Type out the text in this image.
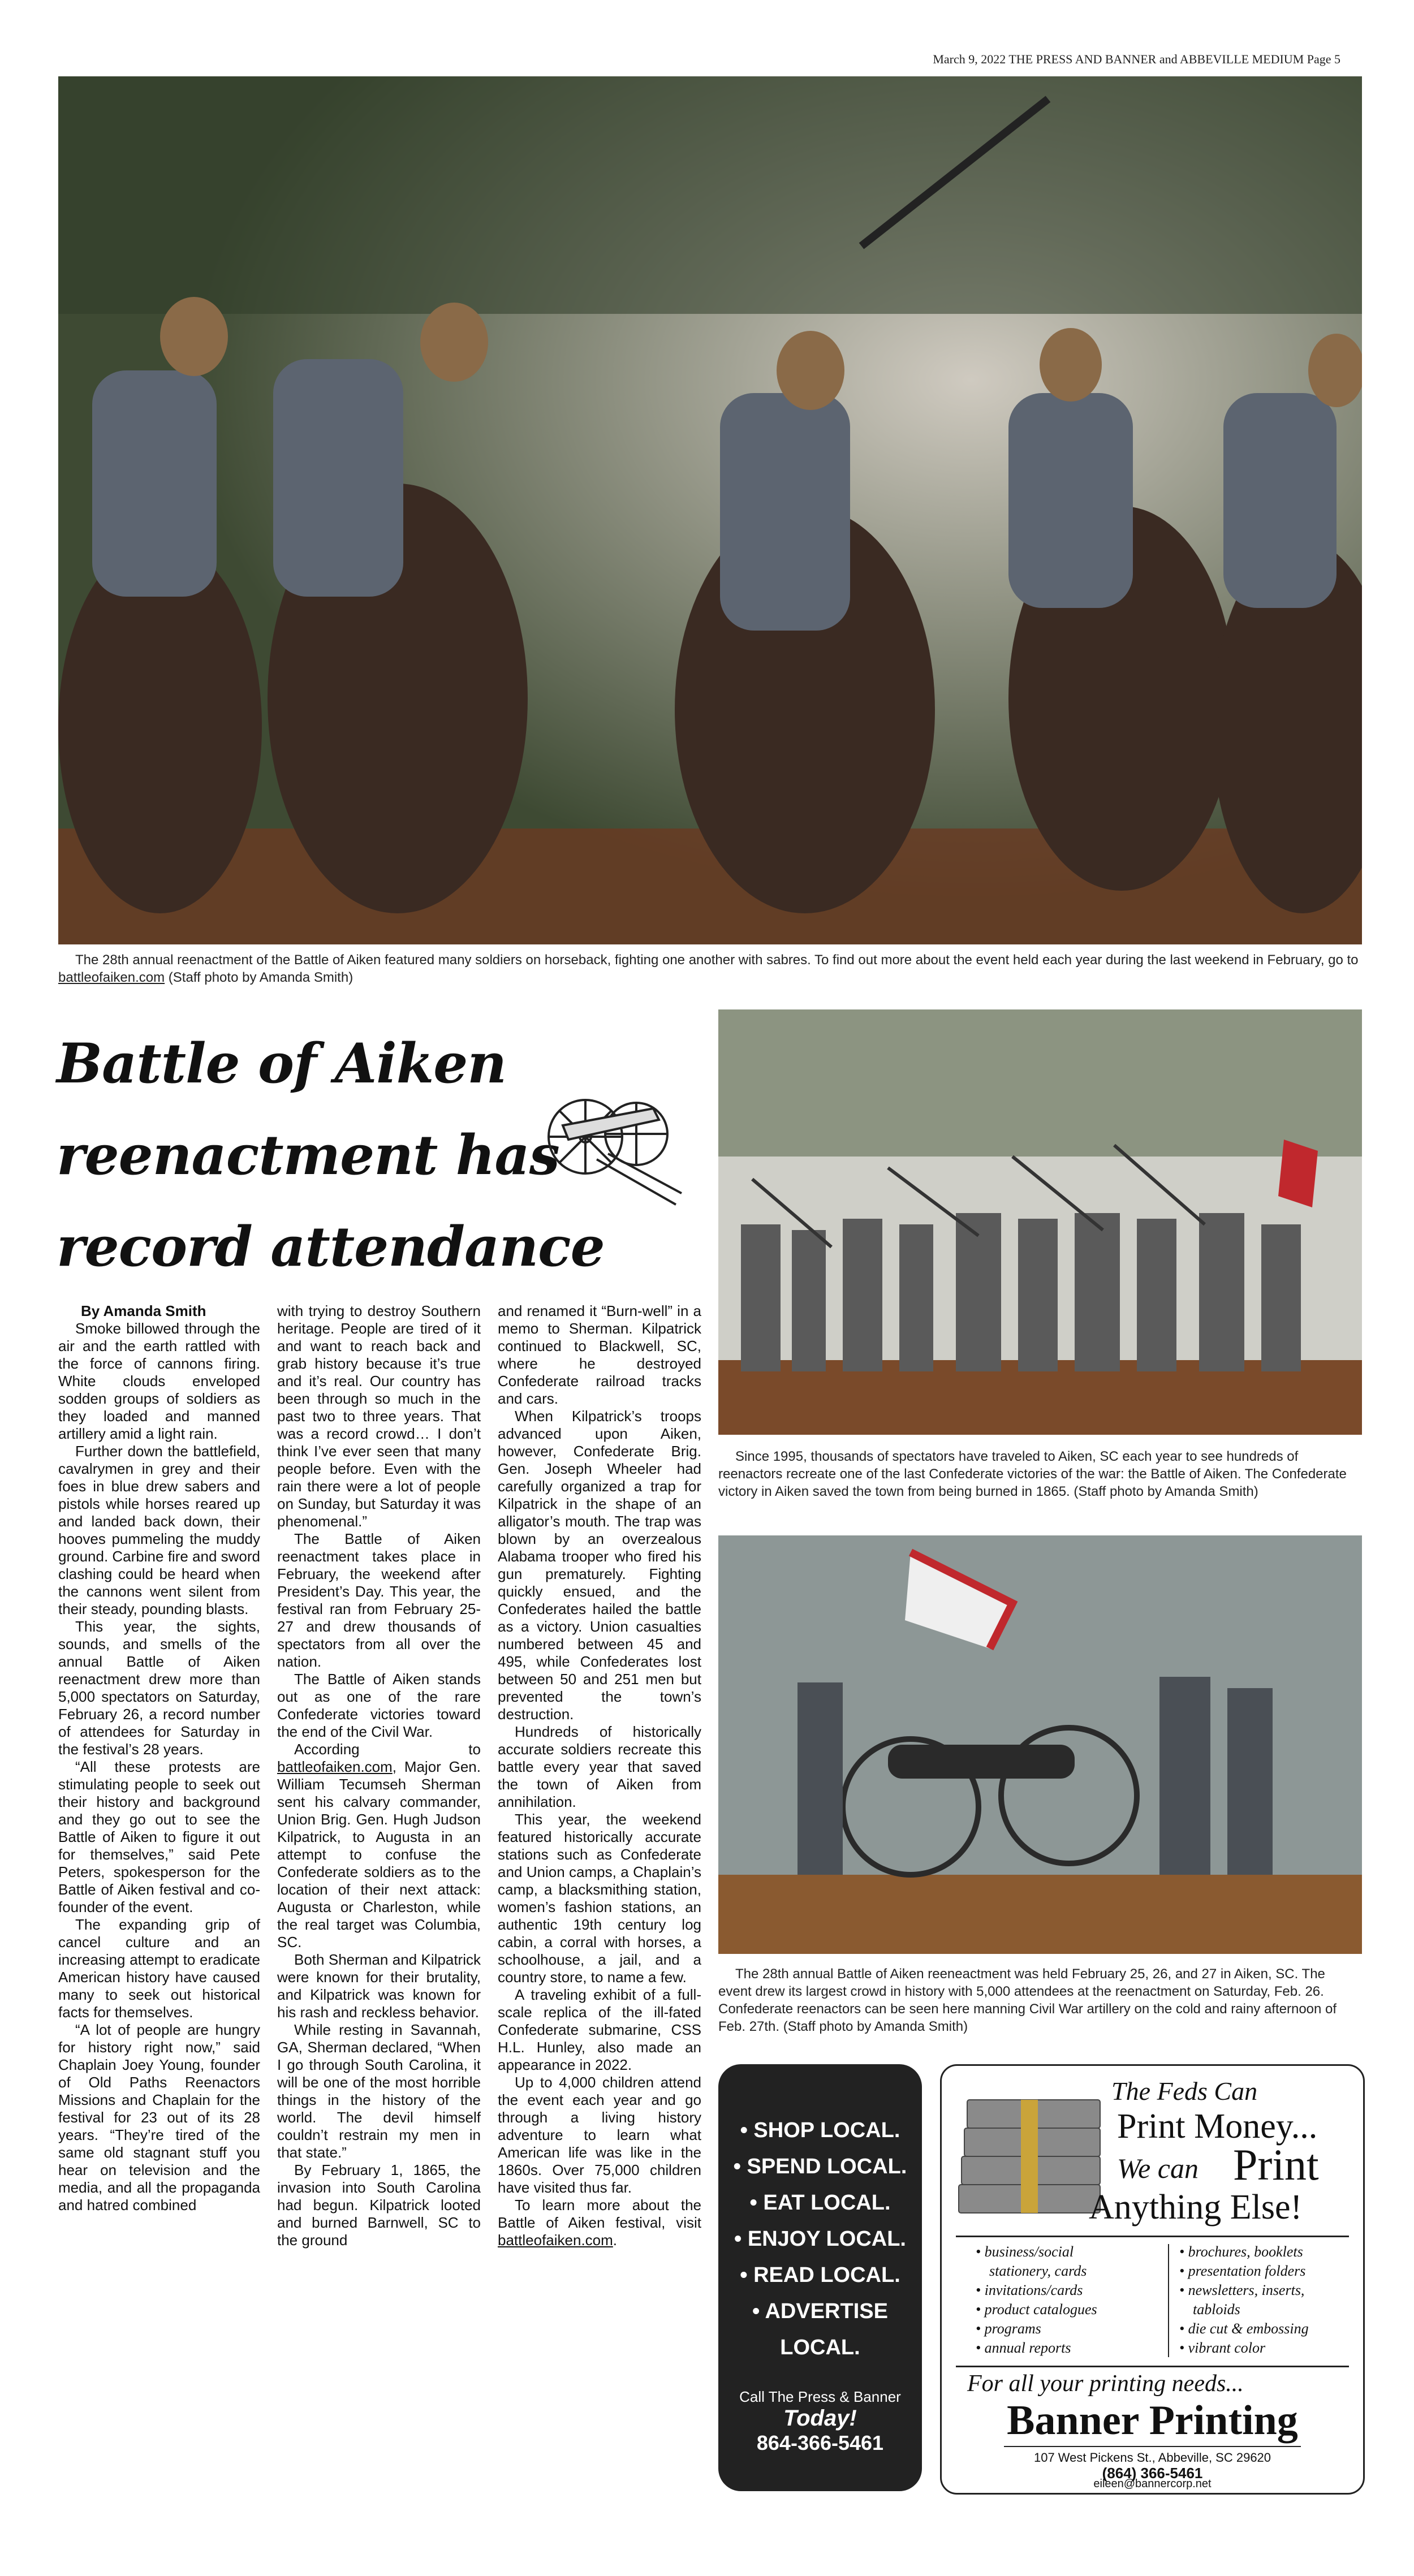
March 9, 2022 THE PRESS AND BANNER and ABBEVILLE MEDIUM Page 5
The 28th annual reenactment of the Battle of Aiken featured many soldiers on horseback, fighting one another with sabres. To find out more about the event held each year during the last weekend in February, go to battleofaiken.com (Staff photo by Amanda Smith)
Battle of Aiken
reenactment has
record attendance

By Amanda Smith

Smoke billowed through the air and the earth rattled with the force of cannons firing. White clouds enveloped sodden groups of soldiers as they loaded and manned artillery amid a light rain.

Further down the battlefield, cavalrymen in grey and their foes in blue drew sabers and pistols while horses reared up and landed back down, their hooves pummeling the muddy ground. Carbine fire and sword clashing could be heard when the cannons went silent from their steady, pounding blasts.

This year, the sights, sounds, and smells of the annual Battle of Aiken reenactment drew more than 5,000 spectators on Saturday, February 26, a record number of attendees for Saturday in the festival’s 28 years.

“All these protests are stimulating people to seek out their history and background and they go out to see the Battle of Aiken to figure it out for themselves,” said Pete Peters, spokesperson for the Battle of Aiken festival and co-founder of the event.

The expanding grip of cancel culture and an increasing attempt to eradicate American history have caused many to seek out historical facts for themselves.

“A lot of people are hungry for history right now,” said Chaplain Joey Young, founder of Old Paths Reenactors Missions and Chaplain for the festival for 23 out of its 28 years. “They’re tired of the same old stagnant stuff you hear on television and the media, and all the propaganda and hatred combined

with trying to destroy Southern heritage. People are tired of it and want to reach back and grab history because it’s true and it’s real. Our country has been through so much in the past two to three years. That was a record crowd… I don’t think I’ve ever seen that many people before. Even with the rain there were a lot of people on Sunday, but Saturday it was phenomenal.”

The Battle of Aiken reenactment takes place in February, the weekend after President’s Day. This year, the festival ran from February 25-27 and drew thousands of spectators from all over the nation.

The Battle of Aiken stands out as one of the rare Confederate victories toward the end of the Civil War.

According to battleofaiken.com, Major Gen. William Tecumseh Sherman sent his calvary commander, Union Brig. Gen. Hugh Judson Kilpatrick, to Augusta in an attempt to confuse the Confederate soldiers as to the location of their next attack: Augusta or Charleston, while the real target was Columbia, SC.

Both Sherman and Kilpatrick were known for their brutality, and Kilpatrick was known for his rash and reckless behavior.

While resting in Savannah, GA, Sherman declared, “When I go through South Carolina, it will be one of the most horrible things in the history of the world. The devil himself couldn’t restrain my men in that state.”

By February 1, 1865, the invasion into South Carolina had begun. Kilpatrick looted and burned Barnwell, SC to the ground

and renamed it “Burn-well” in a memo to Sherman. Kilpatrick continued to Blackwell, SC, where he destroyed Confederate railroad tracks and cars.

When Kilpatrick’s troops advanced upon Aiken, however, Confederate Brig. Gen. Joseph Wheeler had carefully organized a trap for Kilpatrick in the shape of an alligator’s mouth. The trap was blown by an overzealous Alabama trooper who fired his gun prematurely. Fighting quickly ensued, and the Confederates hailed the battle as a victory. Union casualties numbered between 45 and 495, while Confederates lost between 50 and 251 men but prevented the town’s destruction.

Hundreds of historically accurate soldiers recreate this battle every year that saved the town of Aiken from annihilation.

This year, the weekend featured historically accurate stations such as Confederate and Union camps, a Chaplain’s camp, a blacksmithing station, women’s fashion stations, an authentic 19th century log cabin, a corral with horses, a schoolhouse, a jail, and a country store, to name a few.

A traveling exhibit of a full-scale replica of the ill-fated Confederate submarine, CSS H.L. Hunley, also made an appearance in 2022.

Up to 4,000 children attend the event each year and go through a living history adventure to learn what American life was like in the 1860s. Over 75,000 children have visited thus far.

To learn more about the Battle of Aiken festival, visit battleofaiken.com.

Since 1995, thousands of spectators have traveled to Aiken, SC each year to see hundreds of reenactors recreate one of the last Confederate victories of the war: the Battle of Aiken. The Confederate victory in Aiken saved the town from being burned in 1865. (Staff photo by Amanda Smith)
The 28th annual Battle of Aiken reeneactment was held February 25, 26, and 27 in Aiken, SC. The event drew its largest crowd in history with 5,000 attendees at the reenactment on Saturday, Feb. 26. Confederate reenactors can be seen here manning Civil War artillery on the cold and rainy afternoon of Feb. 27th. (Staff photo by Amanda Smith)
• SHOP LOCAL.
• SPEND LOCAL.
• EAT LOCAL.
• ENJOY LOCAL.
• READ LOCAL.
• ADVERTISE
LOCAL.
Call The Press & Banner
Today!
864-366-5461
The Feds Can
Print Money...
We can Print
Anything Else!
• business/social
stationery, cards
• invitations/cards
• product catalogues
• programs
• annual reports
• brochures, booklets
• presentation folders
• newsletters, inserts,
tabloids
• die cut & embossing
• vibrant color
For all your printing needs...
Banner Printing
107 West Pickens St., Abbeville, SC 29620
(864) 366-5461
eileen@bannercorp.net
